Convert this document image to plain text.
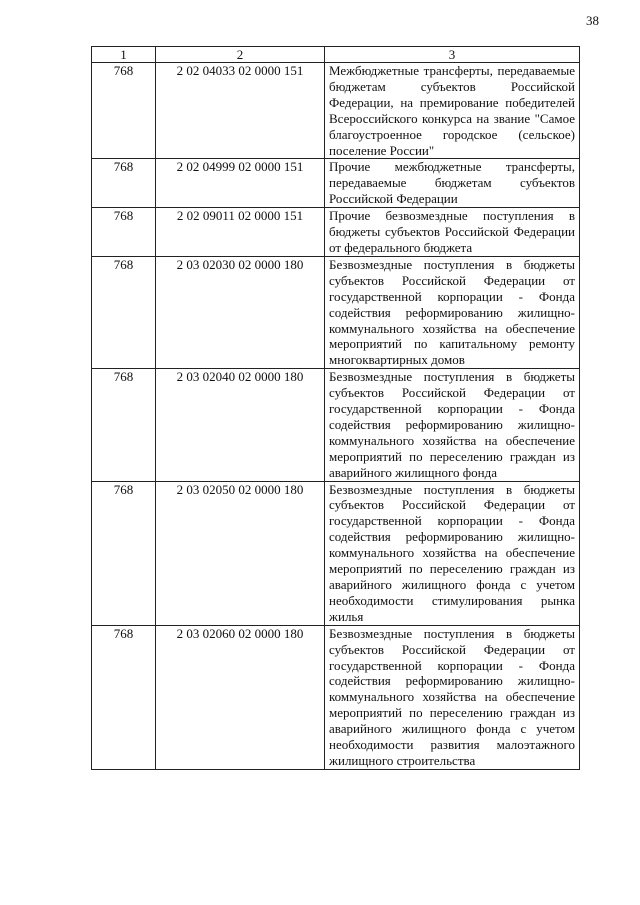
38
1	2	3
768	2 02 04033 02 0000 151	Межбюджетные трансферты, передаваемые бюджетам субъектов Российской Федерации, на премирование победителей Всероссийского конкурса на звание "Самое благоустроенное городское (сельское) поселение России"
768	2 02 04999 02 0000 151	Прочие межбюджетные трансферты, передаваемые бюджетам субъектов Российской Федерации
768	2 02 09011 02 0000 151	Прочие безвозмездные поступления в бюджеты субъектов Российской Федерации от федерального бюджета
768	2 03 02030 02 0000 180	Безвозмездные поступления в бюджеты субъектов Российской Федерации от государственной корпорации - Фонда содействия реформированию жилищно-коммунального хозяйства на обеспечение мероприятий по капитальному ремонту многоквартирных домов
768	2 03 02040 02 0000 180	Безвозмездные поступления в бюджеты субъектов Российской Федерации от государственной корпорации - Фонда содействия реформированию жилищно-коммунального хозяйства на обеспечение мероприятий по переселению граждан из аварийного жилищного фонда
768	2 03 02050 02 0000 180	Безвозмездные поступления в бюджеты субъектов Российской Федерации от государственной корпорации - Фонда содействия реформированию жилищно-коммунального хозяйства на обеспечение мероприятий по переселению граждан из аварийного жилищного фонда с учетом необходимости стимулирования рынка жилья
768	2 03 02060 02 0000 180	Безвозмездные поступления в бюджеты субъектов Российской Федерации от государственной корпорации - Фонда содействия реформированию жилищно-коммунального хозяйства на обеспечение мероприятий по переселению граждан из аварийного жилищного фонда с учетом необходимости развития малоэтажного жилищного строительства
